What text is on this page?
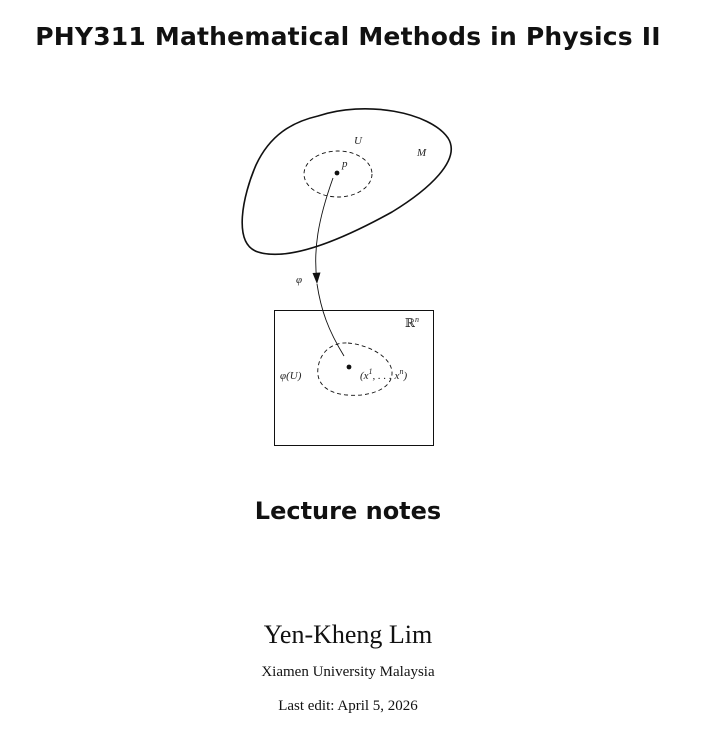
PHY311 Mathematical Methods in Physics II
M
U
p
φ
ℝ$^n$
φ(U)	($x^1$, . . . $x^n$)
Lecture notes
Yen-Kheng Lim
Xiamen University Malaysia
Last edit: April 5, 2026
